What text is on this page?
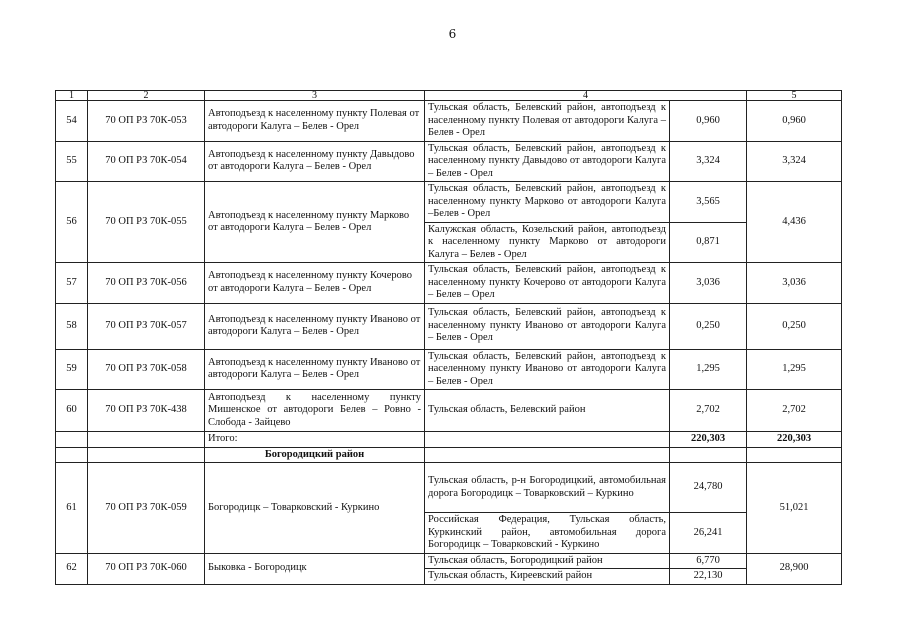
6
1	2	3	4		5
54	70 ОП РЗ 70К-053	Автоподъезд к населенному пункту Полевая от автодороги Калуга – Белев - Орел	Тульская область, Белевский район, автоподъезд к населенному пункту Полевая от автодороги Калуга – Белев - Орел	0,960	0,960
55	70 ОП РЗ 70К-054	Автоподъезд к населенному пункту Давыдово от автодороги Калуга – Белев - Орел	Тульская область, Белевский район, автоподъезд к населенному пункту Давыдово от автодороги Калуга – Белев - Орел	3,324	3,324
56	70 ОП РЗ 70К-055	Автоподъезд к населенному пункту Марково от автодороги Калуга – Белев - Орел	Тульская область, Белевский район, автоподъезд к населенному пункту Марково от автодороги Калуга –Белев - Орел	3,565	4,436
			Калужская область, Козельский район, автоподъезд к населенному пункту Марково от автодороги Калуга – Белев - Орел	0,871	
57	70 ОП РЗ 70К-056	Автоподъезд к населенному пункту Кочерово от автодороги Калуга – Белев - Орел	Тульская область, Белевский район, автоподъезд к населенному пункту Кочерово от автодороги Калуга – Белев – Орел	3,036	3,036
58	70 ОП РЗ 70К-057	Автоподъезд к населенному пункту Иваново от автодороги Калуга – Белев - Орел	Тульская область, Белевский район, автоподъезд к населенному пункту Иваново от автодороги Калуга – Белев - Орел	0,250	0,250
59	70 ОП РЗ 70К-058	Автоподъезд к населенному пункту Иваново от автодороги Калуга – Белев - Орел	Тульская область, Белевский район, автоподъезд к населенному пункту Иваново от автодороги Калуга – Белев - Орел	1,295	1,295
60	70 ОП РЗ 70К-438	Автоподъезд к населенному пункту Мишенское от автодороги Белев – Ровно - Слобода - Зайцево	Тульская область, Белевский район	2,702	2,702
		Итого:		220,303	220,303
		Богородицкий район			
61	70 ОП РЗ 70К-059	Богородицк – Товарковский - Куркино	Тульская область, р-н Богородицкий, автомобильная дорога Богородицк – Товарковский – Куркино	24,780	51,021
			Российская Федерация, Тульская область, Куркинский район, автомобильная дорога Богородицк – Товарковский - Куркино	26,241	
62	70 ОП РЗ 70К-060	Быковка - Богородицк	Тульская область, Богородицкий район	6,770	28,900
			Тульская область, Киреевский район	22,130	
